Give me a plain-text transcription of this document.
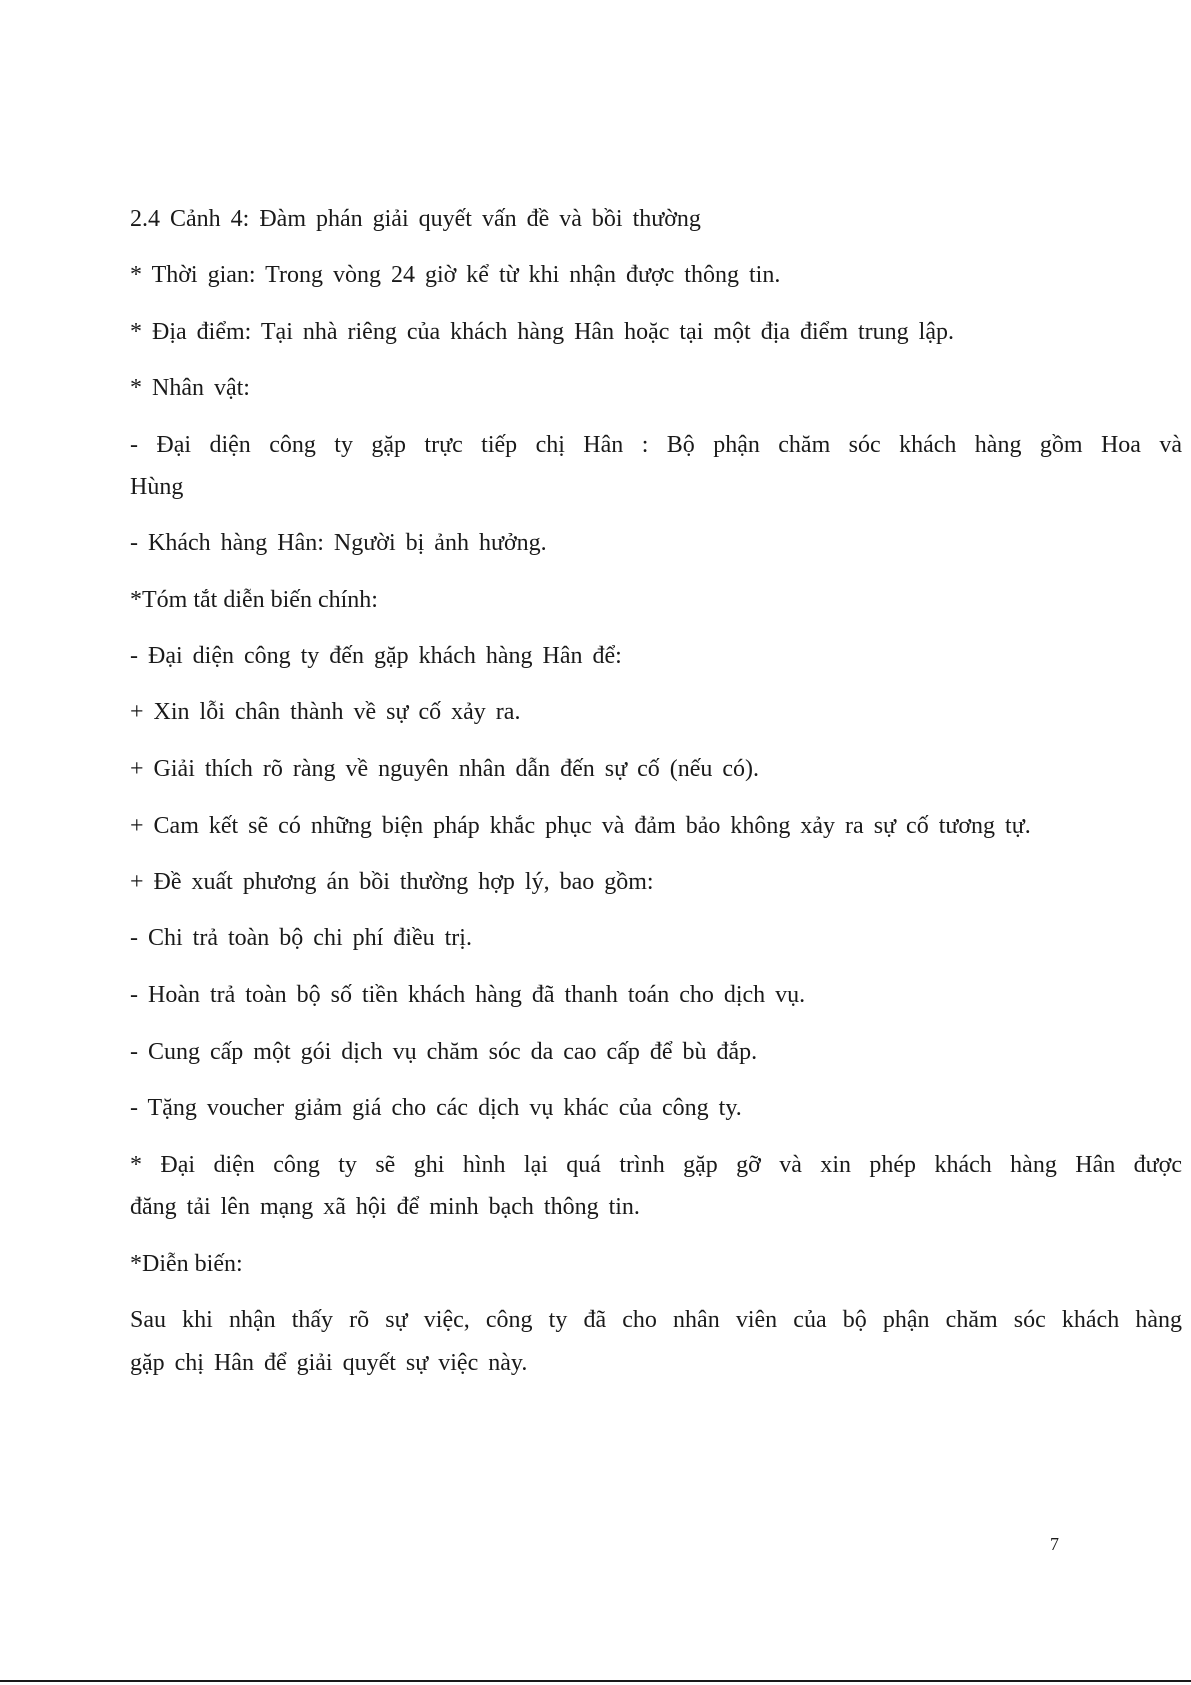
2.4 Cảnh 4: Đàm phán giải quyết vấn đề và bồi thường
* Thời gian: Trong vòng 24 giờ kể từ khi nhận được thông tin.
* Địa điểm: Tại nhà riêng của khách hàng Hân hoặc tại một địa điểm trung lập.
* Nhân vật:
- Đại diện công ty gặp trực tiếp chị Hân : Bộ phận chăm sóc khách hàng gồm Hoa và
Hùng
- Khách hàng Hân: Người bị ảnh hưởng.
*Tóm tắt diễn biến chính:
- Đại diện công ty đến gặp khách hàng Hân để:
+ Xin lỗi chân thành về sự cố xảy ra.
+ Giải thích rõ ràng về nguyên nhân dẫn đến sự cố (nếu có).
+ Cam kết sẽ có những biện pháp khắc phục và đảm bảo không xảy ra sự cố tương tự.
+ Đề xuất phương án bồi thường hợp lý, bao gồm:
- Chi trả toàn bộ chi phí điều trị.
- Hoàn trả toàn bộ số tiền khách hàng đã thanh toán cho dịch vụ.
- Cung cấp một gói dịch vụ chăm sóc da cao cấp để bù đắp.
- Tặng voucher giảm giá cho các dịch vụ khác của công ty.
* Đại diện công ty sẽ ghi hình lại quá trình gặp gỡ và xin phép khách hàng Hân được
đăng tải lên mạng xã hội để minh bạch thông tin.
*Diễn biến:
Sau khi nhận thấy rõ sự việc, công ty đã cho nhân viên của bộ phận chăm sóc khách hàng
gặp chị Hân để giải quyết sự việc này.
7
